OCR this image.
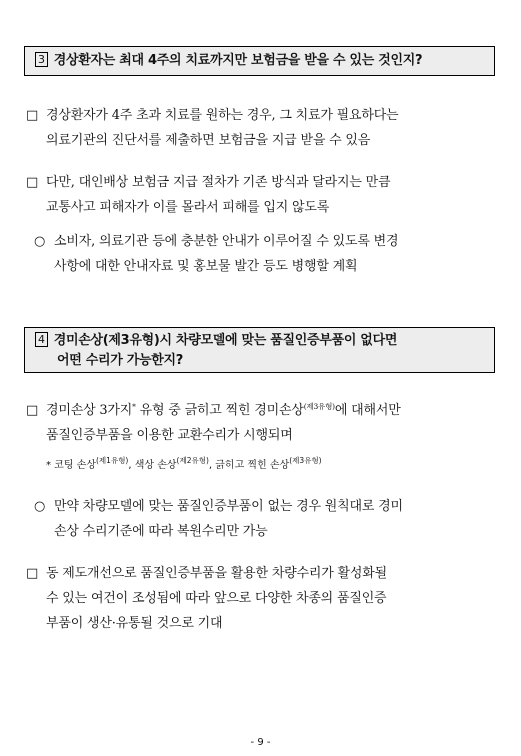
3 경상환자는 최대 4주의 치료까지만 보험금을 받을 수 있는 것인지?
□ 경상환자가 4주 초과 치료를 원하는 경우, 그 치료가 필요하다는
의료기관의 진단서를 제출하면 보험금을 지급 받을 수 있음
□ 다만, 대인배상 보험금 지급 절차가 기존 방식과 달라지는 만큼
교통사고 피해자가 이를 몰라서 피해를 입지 않도록
○ 소비자, 의료기관 등에 충분한 안내가 이루어질 수 있도록 변경
사항에 대한 안내자료 및 홍보물 발간 등도 병행할 계획
4 경미손상(제3유형)시 차량모델에 맞는 품질인증부품이 없다면
어떤 수리가 가능한지?
□ 경미손상 3가지* 유형 중 긁히고 찍힌 경미손상$^{(제3유형)}$에 대해서만
품질인증부품을 이용한 교환수리가 시행되며
* 코팅 손상$^{(제1유형)}$, 색상 손상$^{(제2유형)}$, 긁히고 찍힌 손상$^{(제3유형)}$
○ 만약 차량모델에 맞는 품질인증부품이 없는 경우 원칙대로 경미
손상 수리기준에 따라 복원수리만 가능
□ 동 제도개선으로 품질인증부품을 활용한 차량수리가 활성화될
수 있는 여건이 조성됨에 따라 앞으로 다양한 차종의 품질인증
부품이 생산·유통될 것으로 기대
- 9 -
